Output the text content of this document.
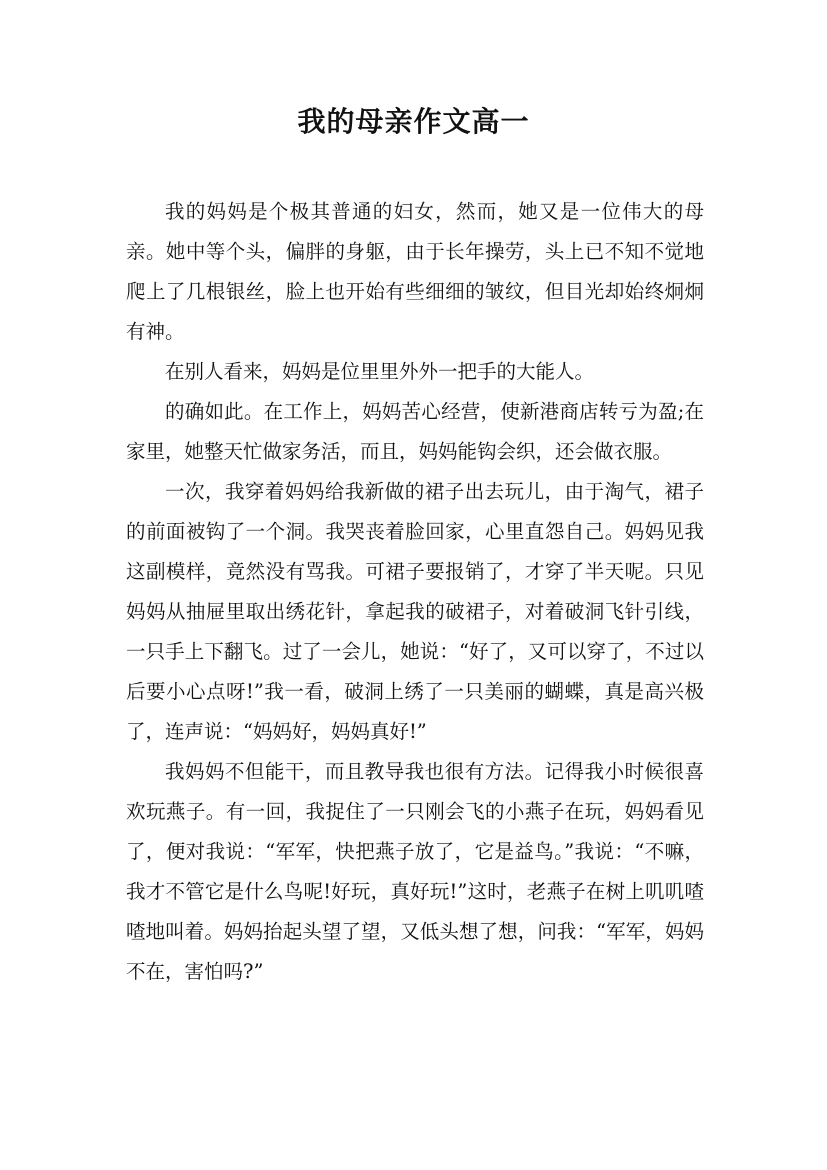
我的母亲作文高一

我的妈妈是个极其普通的妇女，然而，她又是一位伟大的母亲。她中等个头，偏胖的身躯，由于长年操劳，头上已不知不觉地爬上了几根银丝，脸上也开始有些细细的皱纹，但目光却始终炯炯有神。

在别人看来，妈妈是位里里外外一把手的大能人。

的确如此。在工作上，妈妈苦心经营，使新港商店转亏为盈;在家里，她整天忙做家务活，而且，妈妈能钩会织，还会做衣服。

一次，我穿着妈妈给我新做的裙子出去玩儿，由于淘气，裙子的前面被钩了一个洞。我哭丧着脸回家，心里直怨自己。妈妈见我这副模样，竟然没有骂我。可裙子要报销了，才穿了半天呢。只见妈妈从抽屉里取出绣花针，拿起我的破裙子，对着破洞飞针引线，一只手上下翻飞。过了一会儿，她说：“好了，又可以穿了，不过以后要小心点呀!”我一看，破洞上绣了一只美丽的蝴蝶，真是高兴极了，连声说：“妈妈好，妈妈真好!”

我妈妈不但能干，而且教导我也很有方法。记得我小时候很喜欢玩燕子。有一回，我捉住了一只刚会飞的小燕子在玩，妈妈看见了，便对我说：“军军，快把燕子放了，它是益鸟。”我说：“不嘛，我才不管它是什么鸟呢!好玩，真好玩!”这时，老燕子在树上叽叽喳喳地叫着。妈妈抬起头望了望，又低头想了想，问我：“军军，妈妈不在，害怕吗?”
